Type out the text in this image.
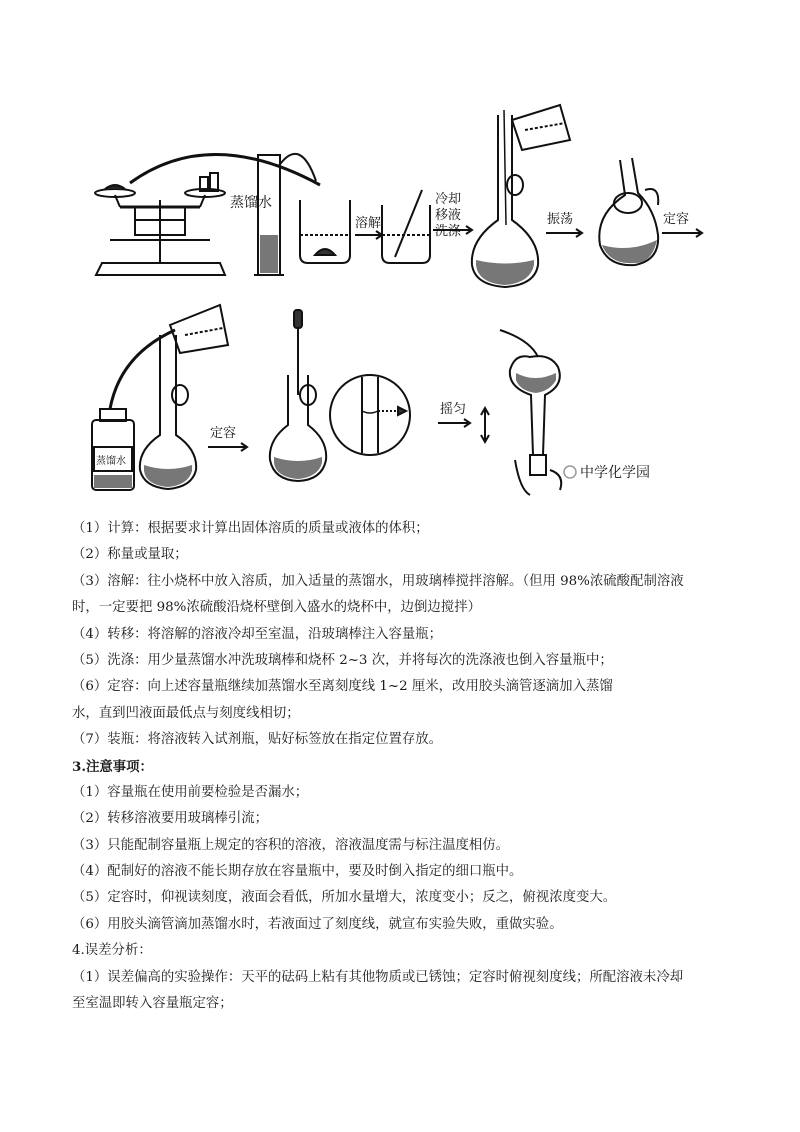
蒸馏水
溶解
冷却移液洗涤
振荡	定容
蒸馏水
定容
摇匀
中学化学园
（1）计算：根据要求计算出固体溶质的质量或液体的体积；
（2）称量或量取；
（3）溶解：往小烧杯中放入溶质，加入适量的蒸馏水，用玻璃棒搅拌溶解。（但用 98%浓硫酸配制溶液
时，一定要把 98%浓硫酸沿烧杯壁倒入盛水的烧杯中，边倒边搅拌）
（4）转移：将溶解的溶液冷却至室温，沿玻璃棒注入容量瓶；
（5）洗涤：用少量蒸馏水冲洗玻璃棒和烧杯 2~3 次，并将每次的洗涤液也倒入容量瓶中；
（6）定容：向上述容量瓶继续加蒸馏水至离刻度线 1~2 厘米，改用胶头滴管逐滴加入蒸馏
水，直到凹液面最低点与刻度线相切；
（7）装瓶：将溶液转入试剂瓶，贴好标签放在指定位置存放。
3.注意事项：
（1）容量瓶在使用前要检验是否漏水；
（2）转移溶液要用玻璃棒引流；
（3）只能配制容量瓶上规定的容积的溶液，溶液温度需与标注温度相仿。
（4）配制好的溶液不能长期存放在容量瓶中，要及时倒入指定的细口瓶中。
（5）定容时，仰视读刻度，液面会看低，所加水量增大，浓度变小；反之，俯视浓度变大。
（6）用胶头滴管滴加蒸馏水时，若液面过了刻度线，就宣布实验失败，重做实验。
4.误差分析：
（1）误差偏高的实验操作：天平的砝码上粘有其他物质或已锈蚀；定容时俯视刻度线；所配溶液未冷却
至室温即转入容量瓶定容；
